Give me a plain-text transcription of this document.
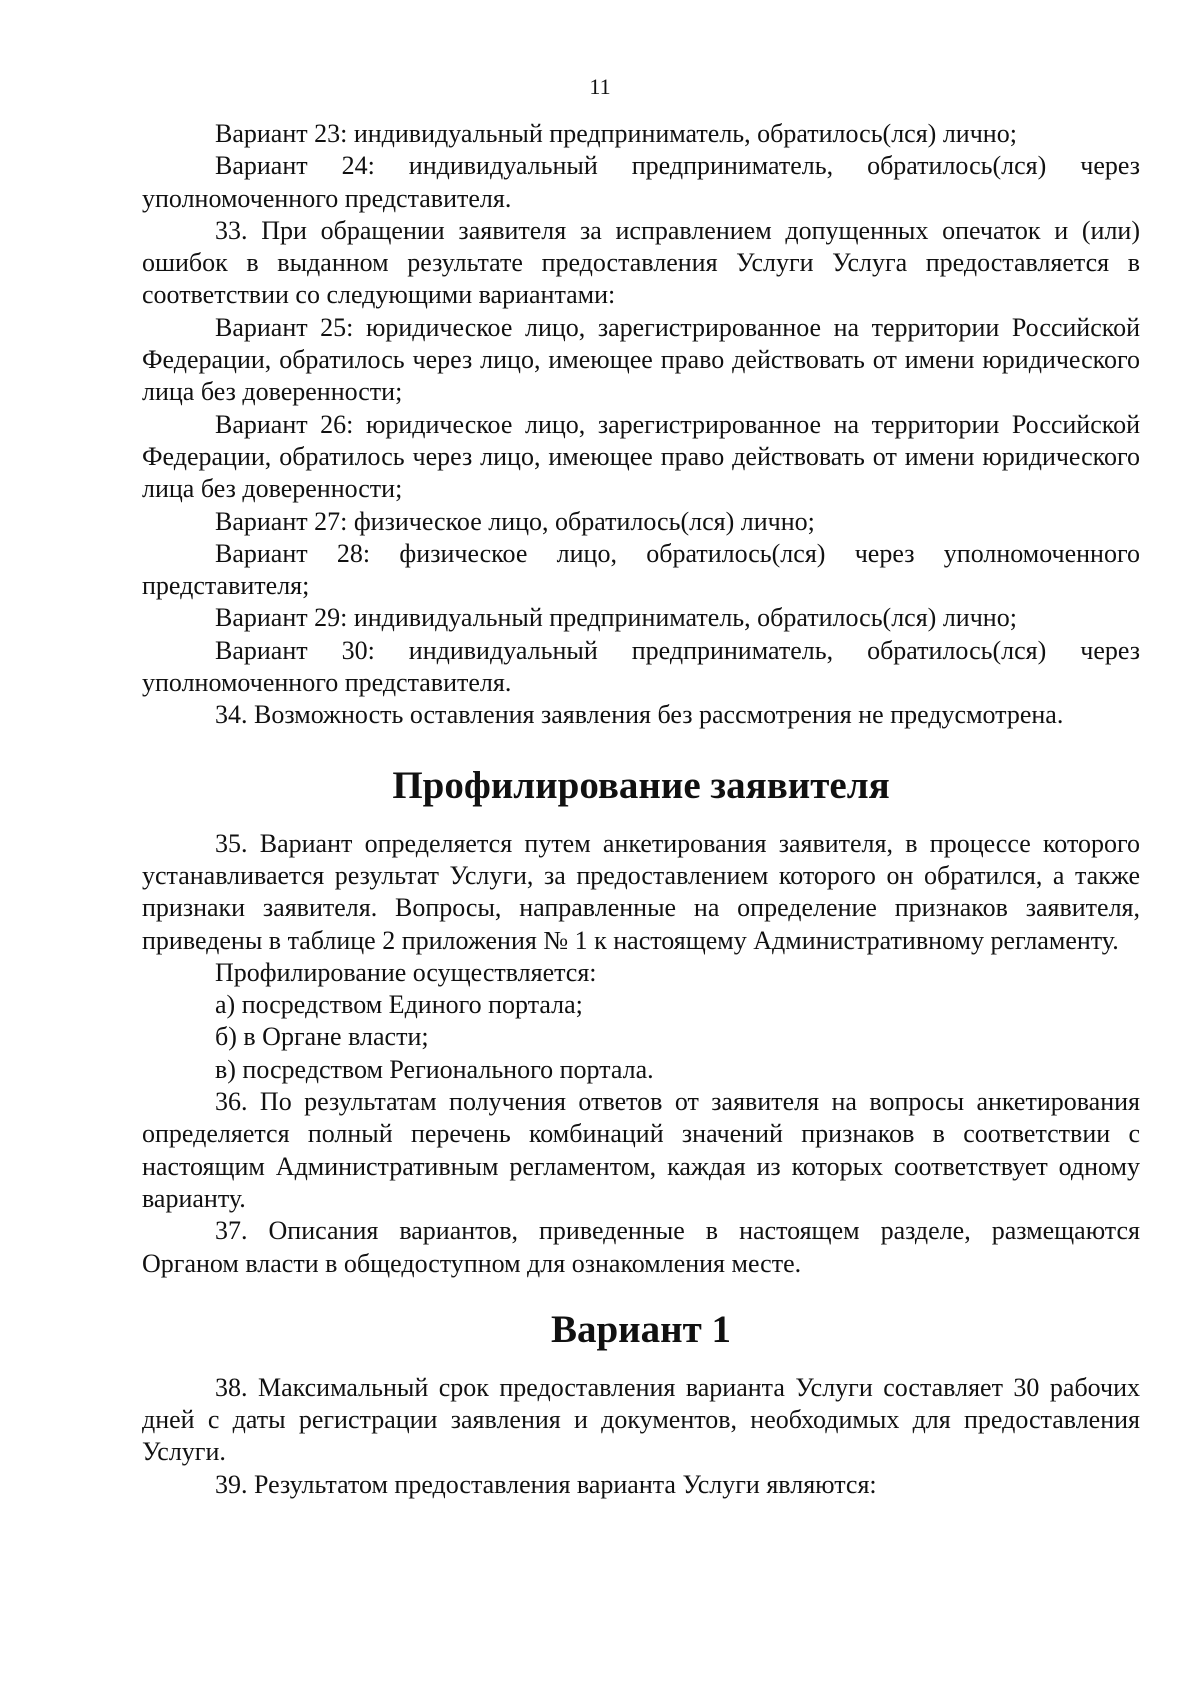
11

Вариант 23: индивидуальный предприниматель, обратилось(лся) лично;

Вариант 24: индивидуальный предприниматель, обратилось(лся) через уполномоченного представителя.

33. При обращении заявителя за исправлением допущенных опечаток и (или) ошибок в выданном результате предоставления Услуги Услуга предоставляется в соответствии со следующими вариантами:

Вариант 25: юридическое лицо, зарегистрированное на территории Российской Федерации, обратилось через лицо, имеющее право действовать от имени юридического лица без доверенности;

Вариант 26: юридическое лицо, зарегистрированное на территории Российской Федерации, обратилось через лицо, имеющее право действовать от имени юридического лица без доверенности;

Вариант 27: физическое лицо, обратилось(лся) лично;

Вариант 28: физическое лицо, обратилось(лся) через уполномоченного представителя;

Вариант 29: индивидуальный предприниматель, обратилось(лся) лично;

Вариант 30: индивидуальный предприниматель, обратилось(лся) через уполномоченного представителя.

34. Возможность оставления заявления без рассмотрения не предусмотрена.

Профилирование заявителя

35. Вариант определяется путем анкетирования заявителя, в процессе которого устанавливается результат Услуги, за предоставлением которого он обратился, а также признаки заявителя. Вопросы, направленные на определение признаков заявителя, приведены в таблице 2 приложения № 1 к настоящему Административному регламенту.

Профилирование осуществляется:

а) посредством Единого портала;

б) в Органе власти;

в) посредством Регионального портала.

36. По результатам получения ответов от заявителя на вопросы анкетирования определяется полный перечень комбинаций значений признаков в соответствии с настоящим Административным регламентом, каждая из которых соответствует одному варианту.

37. Описания вариантов, приведенные в настоящем разделе, размещаются Органом власти в общедоступном для ознакомления месте.

Вариант 1

38. Максимальный срок предоставления варианта Услуги составляет 30 рабочих дней с даты регистрации заявления и документов, необходимых для предоставления Услуги.

39. Результатом предоставления варианта Услуги являются:
